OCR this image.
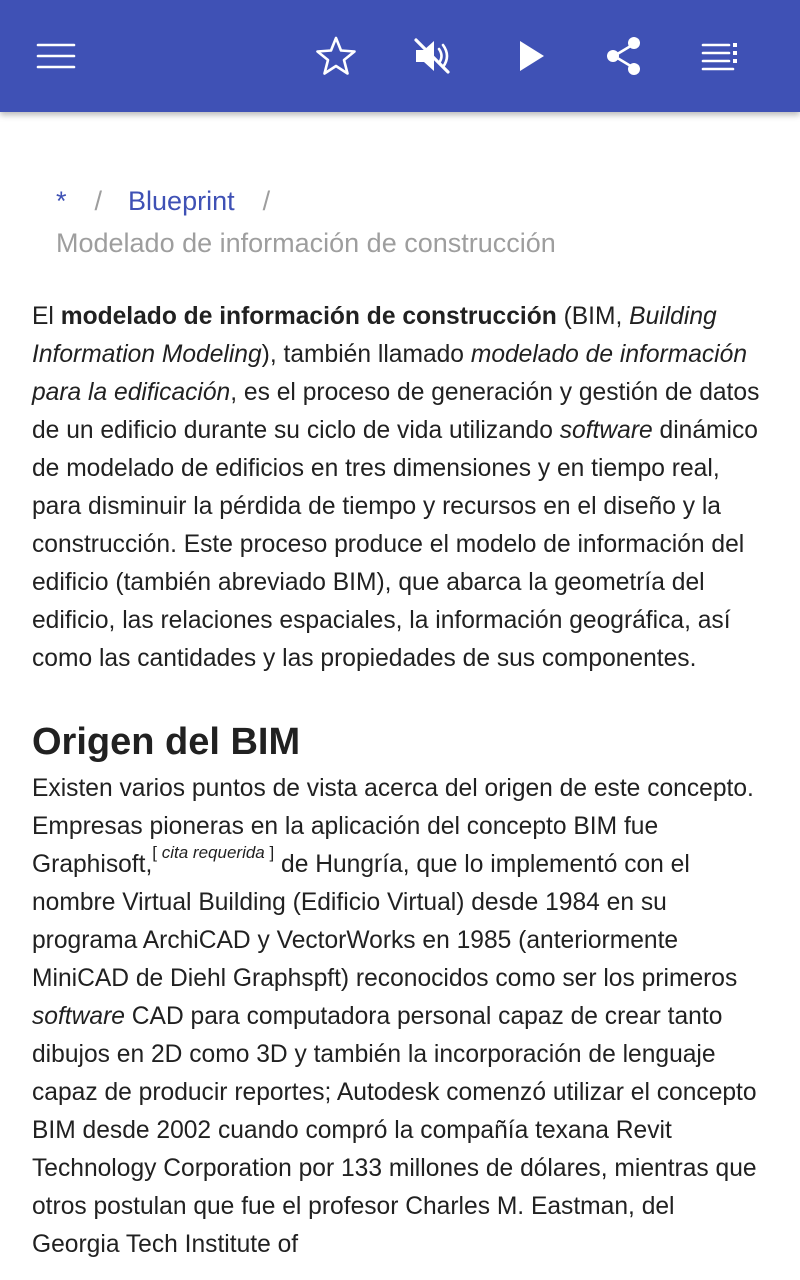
* / Blueprint /
Modelado de información de construcción

El modelado de información de construcción (BIM, Building Information Modeling), también llamado modelado de información para la edificación, es el proceso de generación y gestión de datos de un edificio durante su ciclo de vida utilizando software dinámico de modelado de edificios en tres dimensiones y en tiempo real, para disminuir la pérdida de tiempo y recursos en el diseño y la construcción. Este proceso produce el modelo de información del edificio (también abreviado BIM), que abarca la geometría del edificio, las relaciones espaciales, la información geográfica, así como las cantidades y las propiedades de sus componentes.

Origen del BIM

Existen varios puntos de vista acerca del origen de este concepto. Empresas pioneras en la aplicación del concepto BIM fue Graphisoft,[ cita requerida ] de Hungría, que lo implementó con el nombre Virtual Building (Edificio Virtual) desde 1984 en su programa ArchiCAD y VectorWorks en 1985 (anteriormente MiniCAD de Diehl Graphspft) reconocidos como ser los primeros software CAD para computadora personal capaz de crear tanto dibujos en 2D como 3D y también la incorporación de lenguaje capaz de producir reportes; Autodesk comenzó utilizar el concepto BIM desde 2002 cuando compró la compañía texana Revit Technology Corporation por 133 millones de dólares, mientras que otros postulan que fue el profesor Charles M. Eastman, del Georgia Tech Institute of
